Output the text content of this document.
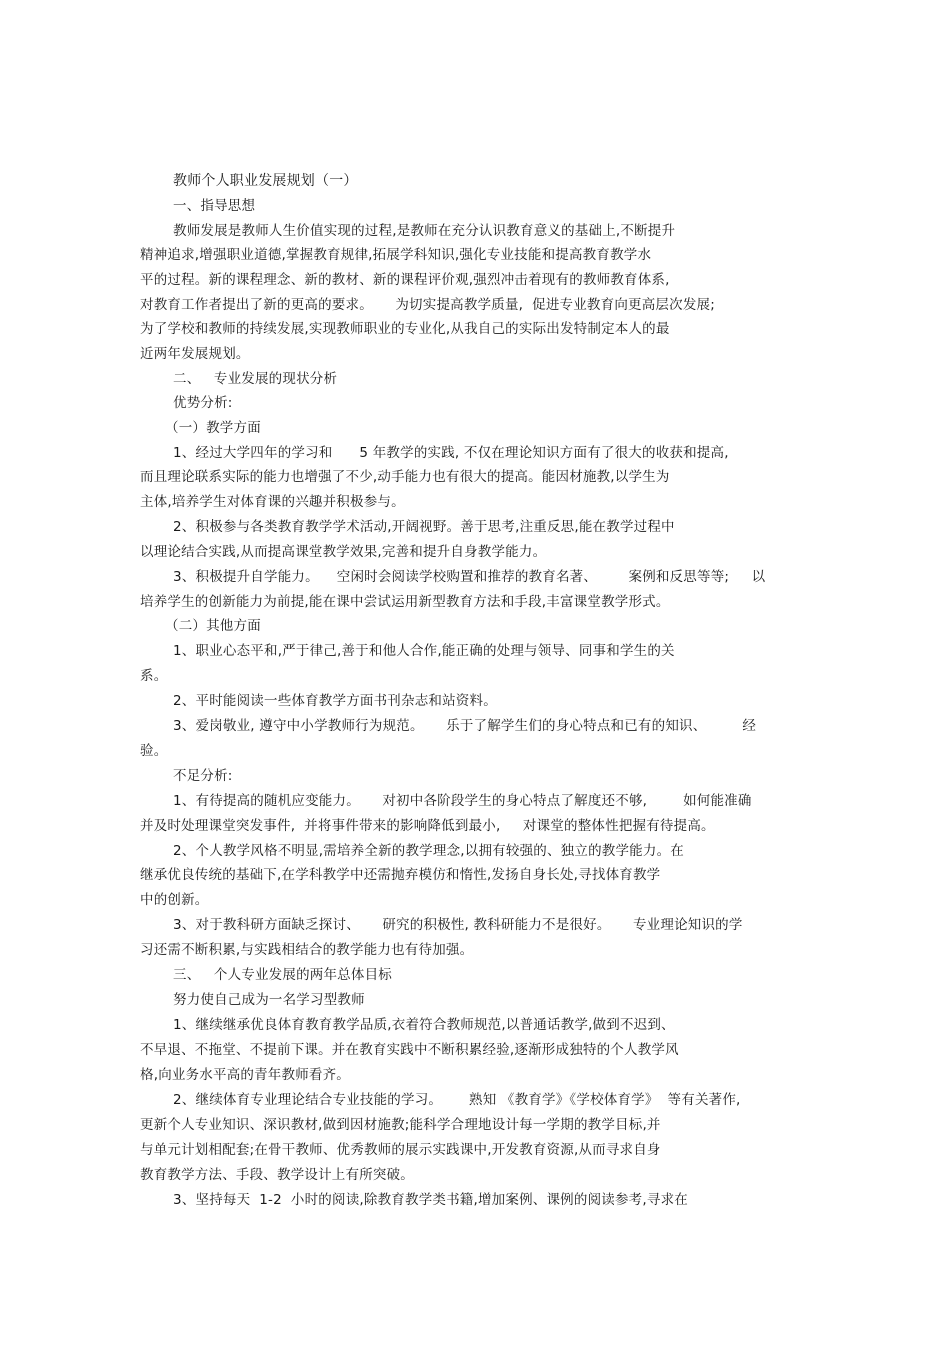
教师个人职业发展规划（一）
一、指导思想
教师发展是教师人生价值实现的过程,是教师在充分认识教育意义的基础上,不断提升
精神追求,增强职业道德,掌握教育规律,拓展学科知识,强化专业技能和提高教育教学水
平的过程。新的课程理念、新的教材、新的课程评价观,强烈冲击着现有的教师教育体系,
对教育工作者提出了新的更高的要求。     为切实提高教学质量,  促进专业教育向更高层次发展;
为了学校和教师的持续发展,实现教师职业的专业化,从我自己的实际出发特制定本人的最
近两年发展规划。
二、   专业发展的现状分析
优势分析:
（一）教学方面
1、经过大学四年的学习和      5 年教学的实践, 不仅在理论知识方面有了很大的收获和提高,
而且理论联系实际的能力也增强了不少,动手能力也有很大的提高。能因材施教,以学生为
主体,培养学生对体育课的兴趣并积极参与。
2、积极参与各类教育教学学术活动,开阔视野。善于思考,注重反思,能在教学过程中
以理论结合实践,从而提高课堂教学效果,完善和提升自身教学能力。
3、积极提升自学能力。    空闲时会阅读学校购置和推荐的教育名著、       案例和反思等等;     以
培养学生的创新能力为前提,能在课中尝试运用新型教育方法和手段,丰富课堂教学形式。
（二）其他方面
1、职业心态平和,严于律己,善于和他人合作,能正确的处理与领导、同事和学生的关
系。
2、平时能阅读一些体育教学方面书刊杂志和站资料。
3、爱岗敬业, 遵守中小学教师行为规范。     乐于了解学生们的身心特点和已有的知识、        经
验。
不足分析:
1、有待提高的随机应变能力。     对初中各阶段学生的身心特点了解度还不够,        如何能准确
并及时处理课堂突发事件,  并将事件带来的影响降低到最小,     对课堂的整体性把握有待提高。
2、个人教学风格不明显,需培养全新的教学理念,以拥有较强的、独立的教学能力。在
继承优良传统的基础下,在学科教学中还需抛弃模仿和惰性,发扬自身长处,寻找体育教学
中的创新。
3、对于教科研方面缺乏探讨、     研究的积极性, 教科研能力不是很好。     专业理论知识的学
习还需不断积累,与实践相结合的教学能力也有待加强。
三、   个人专业发展的两年总体目标
努力使自己成为一名学习型教师
1、继续继承优良体育教育教学品质,衣着符合教师规范,以普通话教学,做到不迟到、
不早退、不拖堂、不提前下课。并在教育实践中不断积累经验,逐渐形成独特的个人教学风
格,向业务水平高的青年教师看齐。
2、继续体育专业理论结合专业技能的学习。      熟知 《教育学》《学校体育学》  等有关著作,
更新个人专业知识、深识教材,做到因材施教;能科学合理地设计每一学期的教学目标,并
与单元计划相配套;在骨干教师、优秀教师的展示实践课中,开发教育资源,从而寻求自身
教育教学方法、手段、教学设计上有所突破。
3、坚持每天  1-2  小时的阅读,除教育教学类书籍,增加案例、课例的阅读参考,寻求在
